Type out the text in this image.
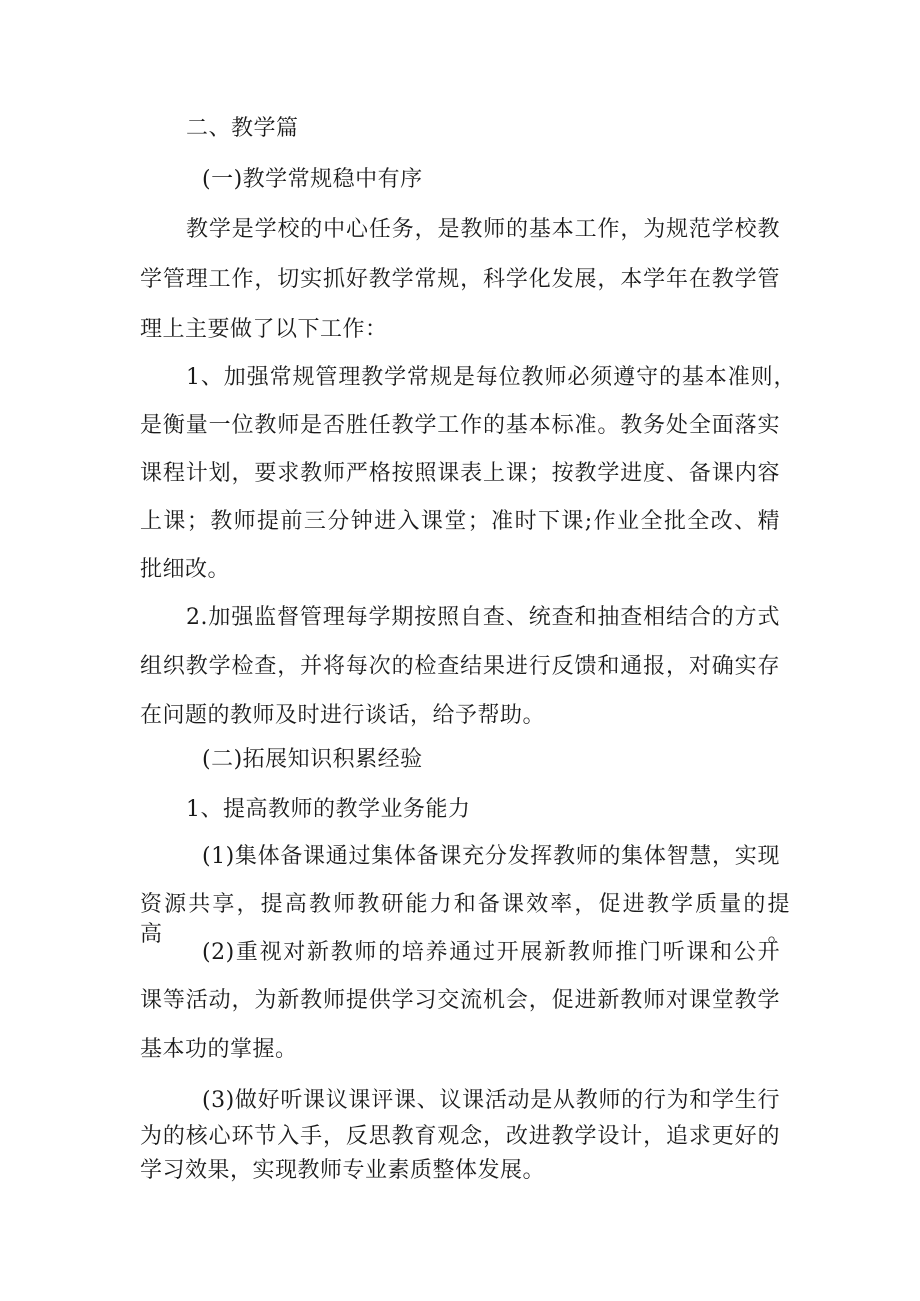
二、教学篇
(一)教学常规稳中有序
教学是学校的中心任务，是教师的基本工作，为规范学校教
学管理工作，切实抓好教学常规，科学化发展，本学年在教学管
理上主要做了以下工作：
1、加强常规管理教学常规是每位教师必须遵守的基本准则，
是衡量一位教师是否胜任教学工作的基本标准。教务处全面落实
课程计划，要求教师严格按照课表上课；按教学进度、备课内容
上课；教师提前三分钟进入课堂；准时下课;作业全批全改、精
批细改。
2.加强监督管理每学期按照自查、统查和抽查相结合的方式
组织教学检查，并将每次的检查结果进行反馈和通报，对确实存
在问题的教师及时进行谈话，给予帮助。
(二)拓展知识积累经验
1、提高教师的教学业务能力
(1)集体备课通过集体备课充分发挥教师的集体智慧，实现
资源共享，提高教师教研能力和备课效率，促进教学质量的提高。
(2)重视对新教师的培养通过开展新教师推门听课和公开
课等活动，为新教师提供学习交流机会，促进新教师对课堂教学
基本功的掌握。
(3)做好听课议课评课、议课活动是从教师的行为和学生行
为的核心环节入手，反思教育观念，改进教学设计，追求更好的
学习效果，实现教师专业素质整体发展。
